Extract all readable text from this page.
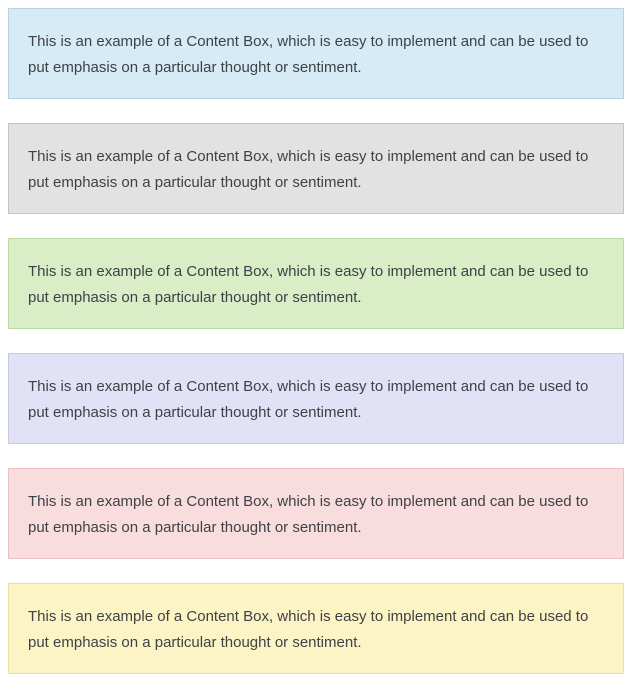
This is an example of a Content Box, which is easy to implement and can be used to put emphasis on a particular thought or sentiment.

This is an example of a Content Box, which is easy to implement and can be used to put emphasis on a particular thought or sentiment.

This is an example of a Content Box, which is easy to implement and can be used to put emphasis on a particular thought or sentiment.

This is an example of a Content Box, which is easy to implement and can be used to put emphasis on a particular thought or sentiment.

This is an example of a Content Box, which is easy to implement and can be used to put emphasis on a particular thought or sentiment.

This is an example of a Content Box, which is easy to implement and can be used to put emphasis on a particular thought or sentiment.
